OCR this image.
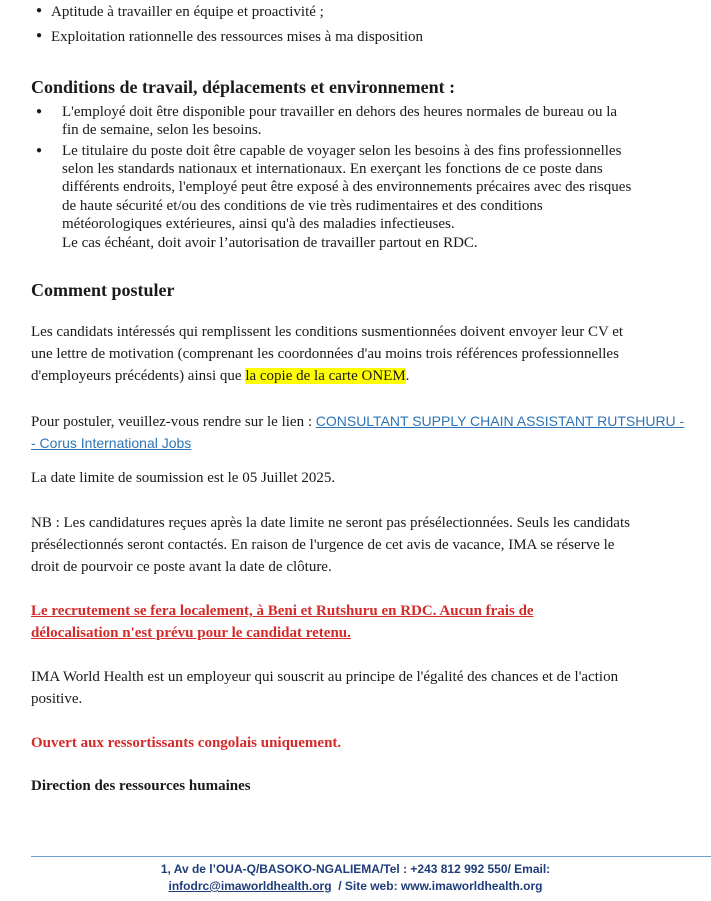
● Aptitude à travailler en équipe et proactivité ;
● Exploitation rationnelle des ressources mises à ma disposition
Conditions de travail, déplacements et environnement :
● L'employé doit être disponible pour travailler en dehors des heures normales de bureau ou la
fin de semaine, selon les besoins.
● Le titulaire du poste doit être capable de voyager selon les besoins à des fins professionnelles
selon les standards nationaux et internationaux. En exerçant les fonctions de ce poste dans
différents endroits, l'employé peut être exposé à des environnements précaires avec des risques
de haute sécurité et/ou des conditions de vie très rudimentaires et des conditions
météorologiques extérieures, ainsi qu'à des maladies infectieuses.
Le cas échéant, doit avoir l’autorisation de travailler partout en RDC.
Comment postuler
Les candidats intéressés qui remplissent les conditions susmentionnées doivent envoyer leur CV et
une lettre de motivation (comprenant les coordonnées d'au moins trois références professionnelles
d'employeurs précédents) ainsi que la copie de la carte ONEM.
Pour postuler, veuillez-vous rendre sur le lien : CONSULTANT SUPPLY CHAIN ASSISTANT RUTSHURU -
- Corus International Jobs
La date limite de soumission est le 05 Juillet 2025.
NB : Les candidatures reçues après la date limite ne seront pas présélectionnées. Seuls les candidats
présélectionnés seront contactés. En raison de l'urgence de cet avis de vacance, IMA se réserve le
droit de pourvoir ce poste avant la date de clôture.
Le recrutement se fera localement, à Beni et Rutshuru en RDC. Aucun frais de
délocalisation n'est prévu pour le candidat retenu.
IMA World Health est un employeur qui souscrit au principe de l'égalité des chances et de l'action
positive.
Ouvert aux ressortissants congolais uniquement.
Direction des ressources humaines
1, Av de l’OUA-Q/BASOKO-NGALIEMA/Tel : +243 812 992 550/ Email:
infodrc@imaworldhealth.org  / Site web: www.imaworldhealth.org
